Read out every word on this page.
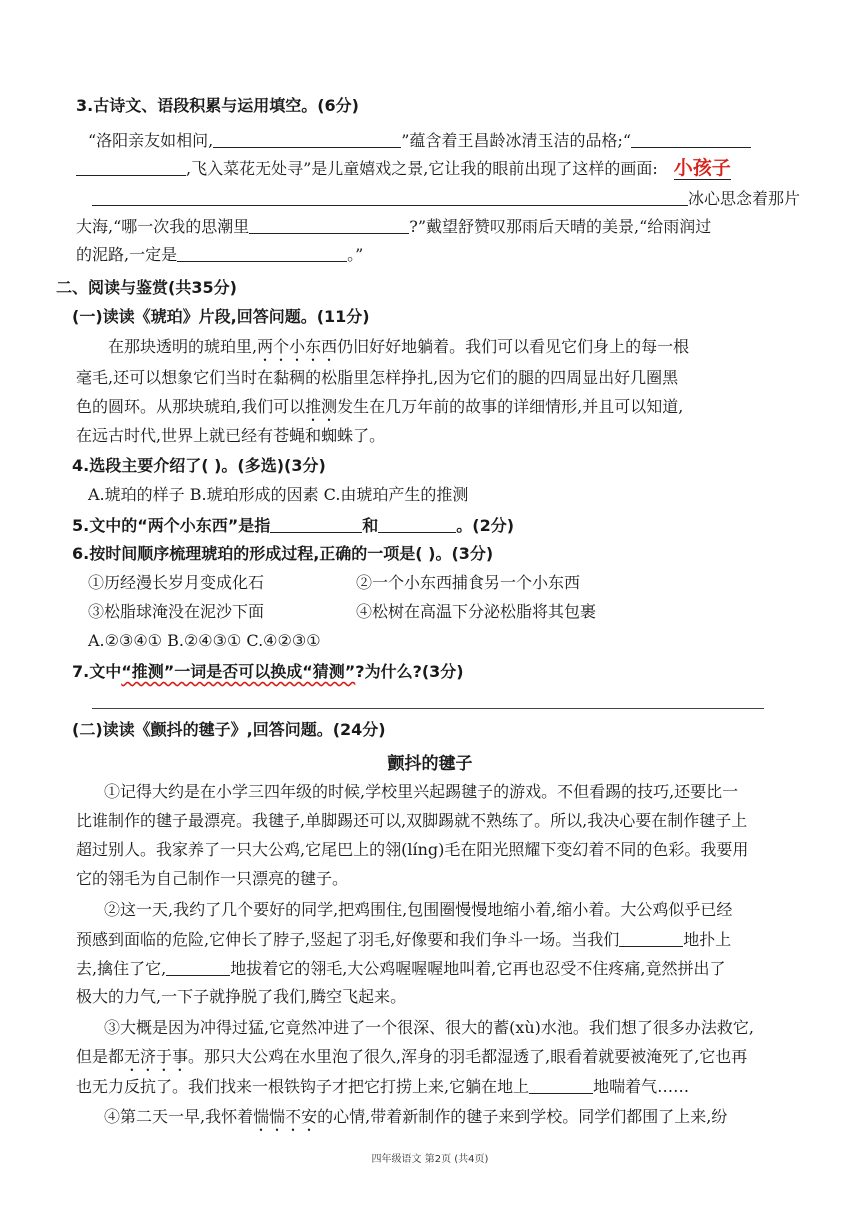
3.古诗文、语段积累与运用填空。(6分)
“洛阳亲友如相问,	”蕴含着王昌龄冰清玉洁的品格;“
,飞入菜花无处寻”是儿童嬉戏之景,它让我的眼前出现了这样的画面: 小孩子
冰心思念着那片
大海,“哪一次我的思潮里	?”戴望舒赞叹那雨后天晴的美景,“给雨润过
的泥路,一定是	。”
二、阅读与鉴赏(共35分)
(一)读读《琥珀》片段,回答问题。(11分)
在那块透明的琥珀里,两个小东西仍旧好好地躺着。我们可以看见它们身上的每一根
毫毛,还可以想象它们当时在黏稠的松脂里怎样挣扎,因为它们的腿的四周显出好几圈黑
色的圆环。从那块琥珀,我们可以推测发生在几万年前的故事的详细情形,并且可以知道,
在远古时代,世界上就已经有苍蝇和蜘蛛了。
4.选段主要介绍了( )。(多选)(3分)
A.琥珀的样子 B.琥珀形成的因素 C.由琥珀产生的推测
5.文中的“两个小东西”是指	和	。(2分)
6.按时间顺序梳理琥珀的形成过程,正确的一项是( )。(3分)
①历经漫长岁月变成化石	②一个小东西捕食另一个小东西
③松脂球淹没在泥沙下面	④松树在高温下分泌松脂将其包裹
A.②③④① B.②④③① C.④②③①
7.文中“推测”一词是否可以换成“猜测”?为什么?(3分)
(二)读读《颤抖的毽子》,回答问题。(24分)
颤抖的毽子
①记得大约是在小学三四年级的时候,学校里兴起踢毽子的游戏。不但看踢的技巧,还要比一
比谁制作的毽子最漂亮。我毽子,单脚踢还可以,双脚踢就不熟练了。所以,我决心要在制作毽子上
超过别人。我家养了一只大公鸡,它尾巴上的翎(líng)毛在阳光照耀下变幻着不同的色彩。我要用
它的翎毛为自己制作一只漂亮的毽子。
②这一天,我约了几个要好的同学,把鸡围住,包围圈慢慢地缩小着,缩小着。大公鸡似乎已经
预感到面临的危险,它伸长了脖子,竖起了羽毛,好像要和我们争斗一场。当我们	地扑上
去,擒住了它,	地拔着它的翎毛,大公鸡喔喔喔地叫着,它再也忍受不住疼痛,竟然拼出了
极大的力气,一下子就挣脱了我们,腾空飞起来。
③大概是因为冲得过猛,它竟然冲进了一个很深、很大的蓄(xù)水池。我们想了很多办法救它,
但是都无济于事。那只大公鸡在水里泡了很久,浑身的羽毛都湿透了,眼看着就要被淹死了,它也再
也无力反抗了。我们找来一根铁钩子才把它打捞上来,它躺在地上	地喘着气……
④第二天一早,我怀着惴惴不安的心情,带着新制作的毽子来到学校。同学们都围了上来,纷
四年级语文 第2页 (共4页)
